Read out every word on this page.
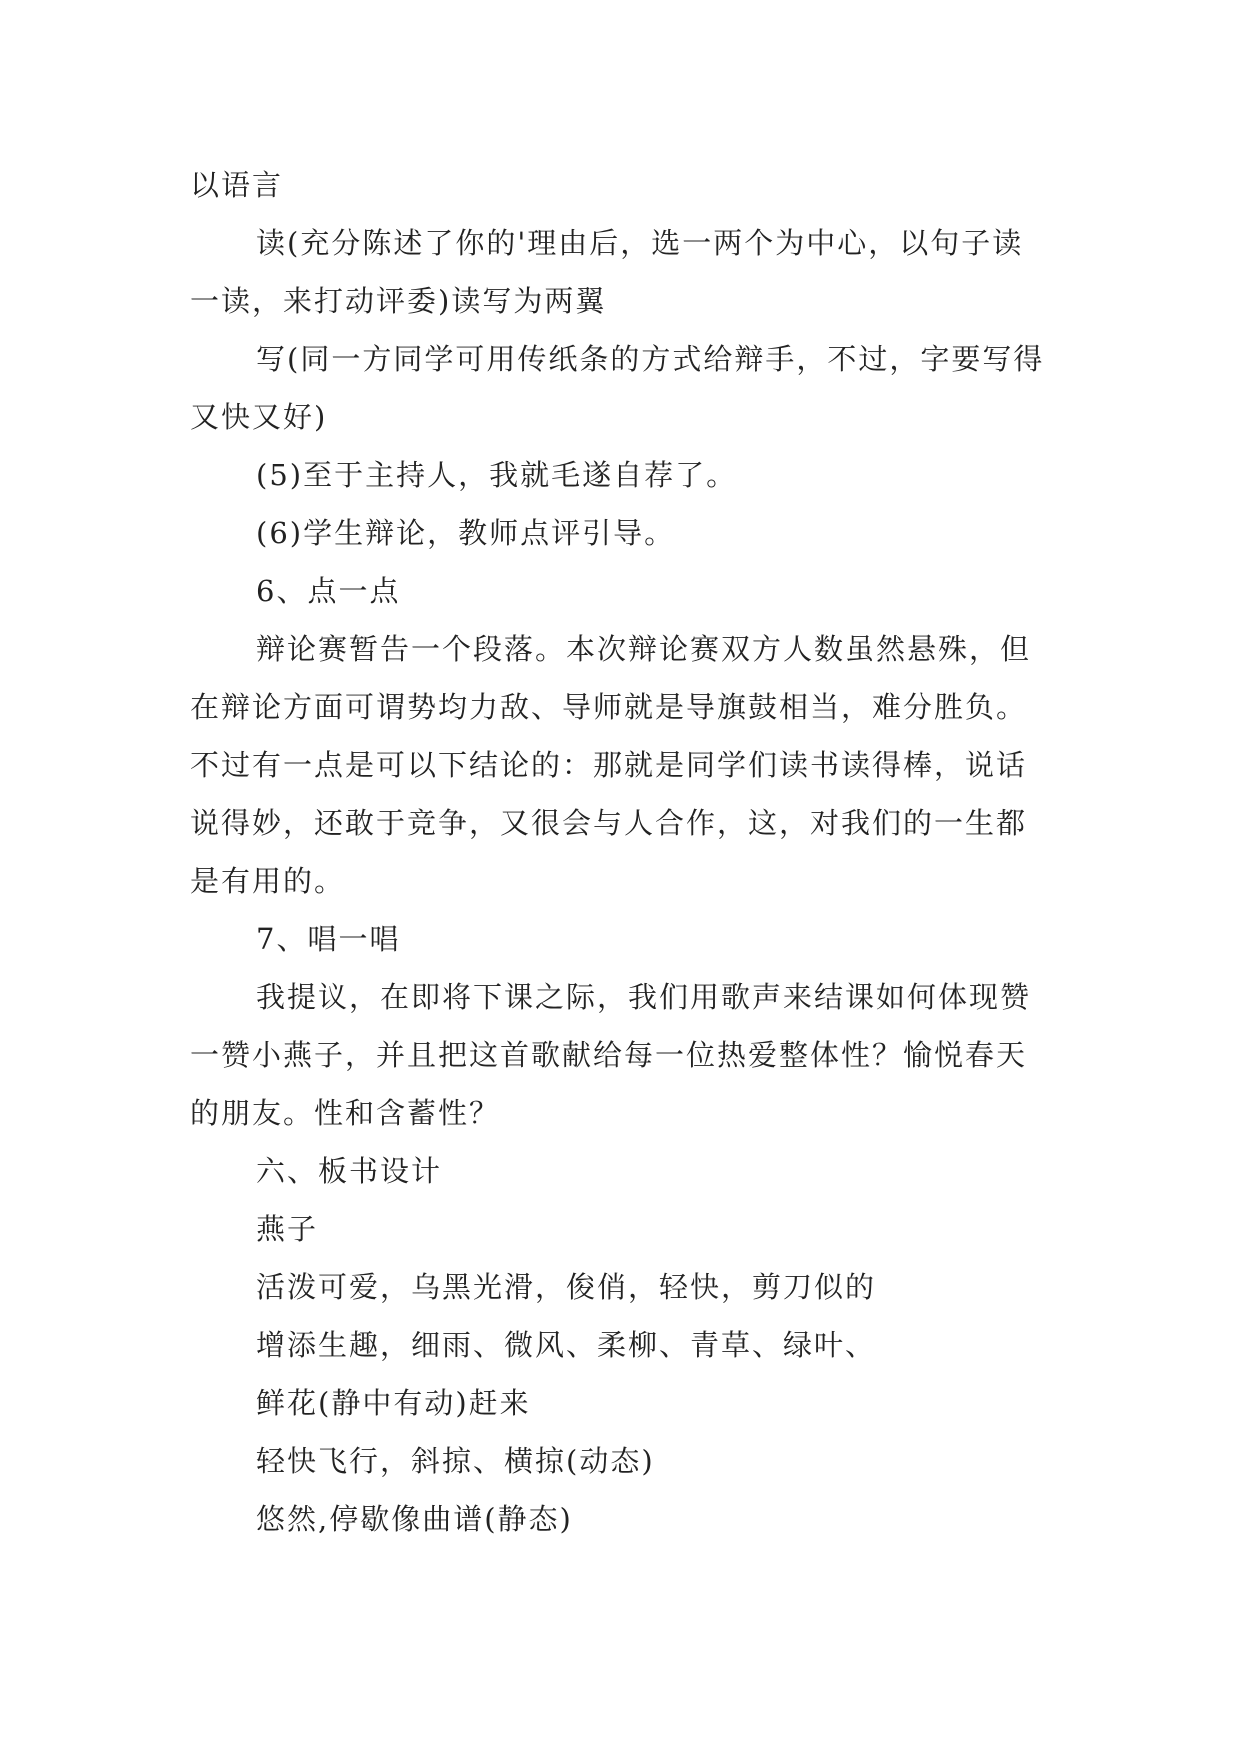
以语言

读(充分陈述了你的'理由后，选一两个为中心，以句子读一读，来打动评委)读写为两翼

写(同一方同学可用传纸条的方式给辩手，不过，字要写得又快又好)

(5)至于主持人，我就毛遂自荐了。

(6)学生辩论，教师点评引导。

6、点一点

辩论赛暂告一个段落。本次辩论赛双方人数虽然悬殊，但在辩论方面可谓势均力敌、导师就是导旗鼓相当，难分胜负。不过有一点是可以下结论的：那就是同学们读书读得棒，说话说得妙，还敢于竞争，又很会与人合作，这，对我们的一生都是有用的。

7、唱一唱

我提议，在即将下课之际，我们用歌声来结课如何体现赞一赞小燕子，并且把这首歌献给每一位热爱整体性？愉悦春天的朋友。性和含蓄性？

六、板书设计

燕子

活泼可爱，乌黑光滑，俊俏，轻快，剪刀似的

增添生趣，细雨、微风、柔柳、青草、绿叶、

鲜花(静中有动)赶来

轻快飞行，斜掠、横掠(动态)

悠然,停歇像曲谱(静态)
